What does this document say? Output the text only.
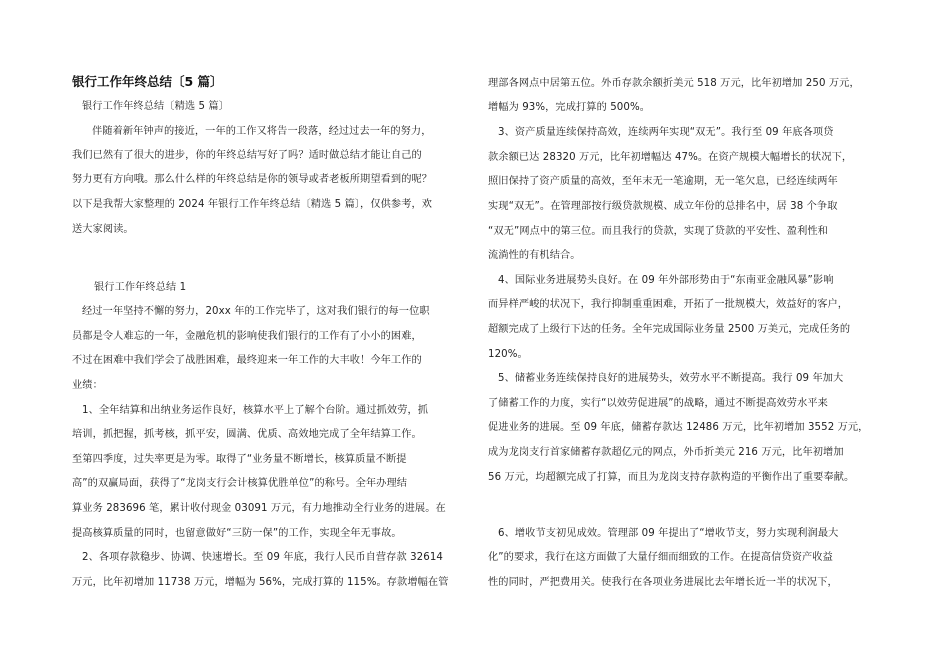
银行工作年终总结〔5 篇〕
银行工作年终总结〔精选 5 篇〕
伴随着新年钟声的接近，一年的工作又将告一段落，经过过去一年的努力，
我们已然有了很大的进步，你的年终总结写好了吗？适时做总结才能让自己的
努力更有方向哦。那么什么样的年终总结是你的领导或者老板所期望看到的呢？
以下是我帮大家整理的 2024 年银行工作年终总结〔精选 5 篇〕，仅供参考，欢
送大家阅读。
银行工作年终总结 1
经过一年坚持不懈的努力，20xx 年的工作完毕了，这对我们银行的每一位职
员都是令人难忘的一年，金融危机的影响使我们银行的工作有了小小的困难，
不过在困难中我们学会了战胜困难，最终迎来一年工作的大丰收！今年工作的
业绩：
1、全年结算和出纳业务运作良好，核算水平上了解个台阶。通过抓效劳，抓
培训，抓把握，抓考核，抓平安，圆满、优质、高效地完成了全年结算工作。
至第四季度，过失率更是为零。取得了“业务量不断增长，核算质量不断提
高”的双赢局面，获得了“龙岗支行会计核算优胜单位”的称号。全年办理结
算业务 283696 笔，累计收付现金 03091 万元，有力地推动全行业务的进展。在
提高核算质量的同时，也留意做好“三防一保”的工作，实现全年无事故。
2、各项存款稳步、协调、快速增长。至 09 年底，我行人民币自营存款 32614
万元，比年初增加 11738 万元，增幅为 56%，完成打算的 115%。存款增幅在管
理部各网点中居第五位。外币存款余额折美元 518 万元，比年初增加 250 万元，
增幅为 93%，完成打算的 500%。
3、资产质量连续保持高效，连续两年实现“双无”。我行至 09 年底各项贷
款余额已达 28320 万元，比年初增幅达 47%。在资产规模大幅增长的状况下，
照旧保持了资产质量的高效，至年末无一笔逾期，无一笔欠息，已经连续两年
实现“双无”。在管理部按行级贷款规模、成立年份的总排名中，居 38 个争取
“双无”网点中的第三位。而且我行的贷款，实现了贷款的平安性、盈利性和
流淌性的有机结合。
4、国际业务进展势头良好。在 09 年外部形势由于“东南亚金融风暴”影响
而异样严峻的状况下，我行抑制重重困难，开拓了一批规模大，效益好的客户，
超额完成了上级行下达的任务。全年完成国际业务量 2500 万美元，完成任务的
120%。
5、储蓄业务连续保持良好的进展势头，效劳水平不断提高。我行 09 年加大
了储蓄工作的力度，实行“以效劳促进展”的战略，通过不断提高效劳水平来
促进业务的进展。至 09 年底，储蓄存款达 12486 万元，比年初增加 3552 万元，
成为龙岗支行首家储蓄存款超亿元的网点，外币折美元 216 万元，比年初增加
56 万元，均超额完成了打算，而且为龙岗支持存款构造的平衡作出了重要奉献。
6、增收节支初见成效。管理部 09 年提出了“增收节支，努力实现利润最大
化”的要求，我行在这方面做了大量仔细而细致的工作。在提高信贷资产收益
性的同时，严把费用关。使我行在各项业务进展比去年增长近一半的状况下，
